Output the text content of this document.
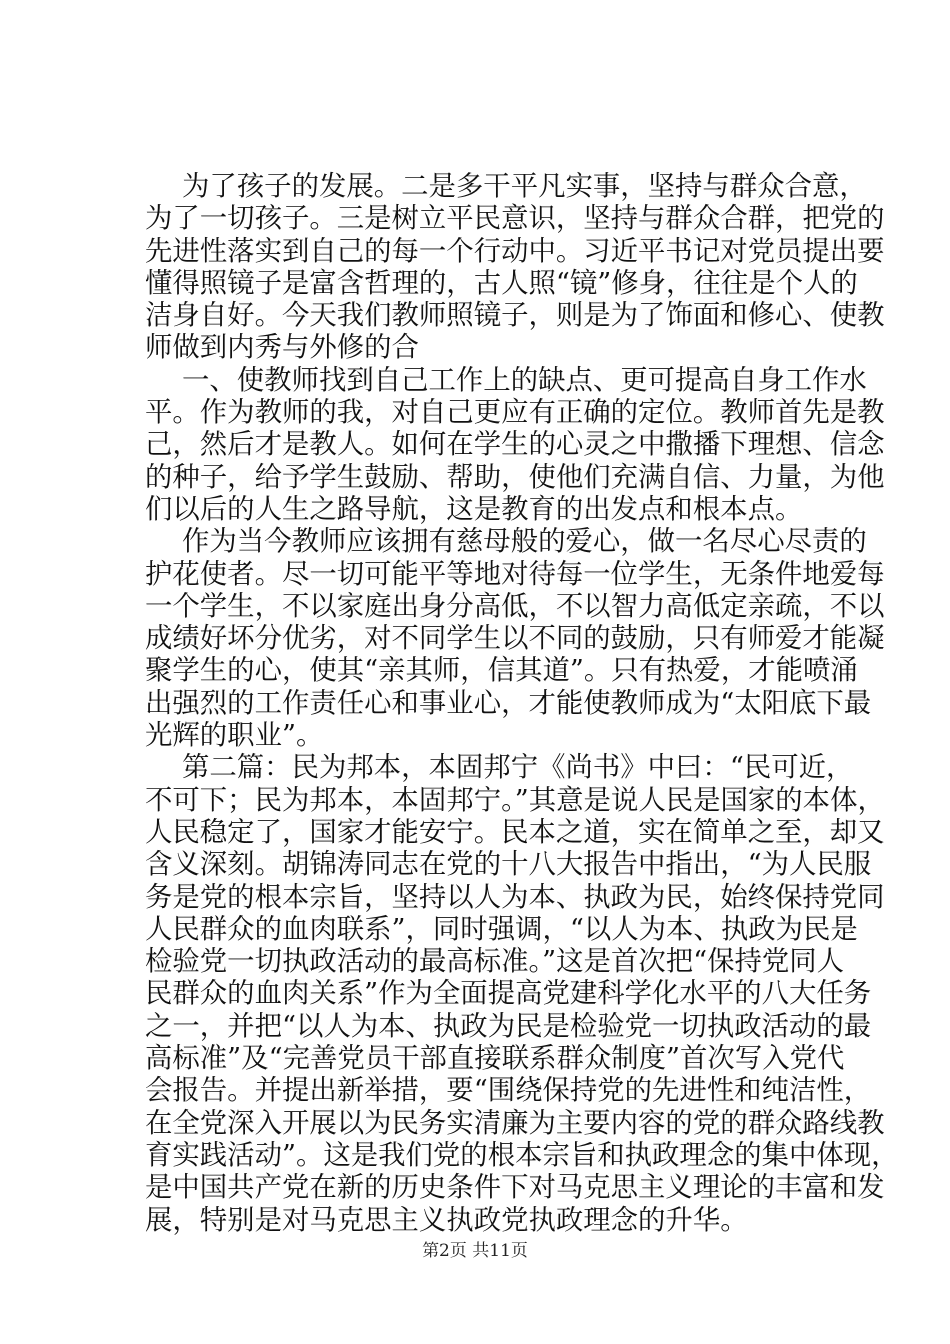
为了孩子的发展。二是多干平凡实事，坚持与群众合意，
为了一切孩子。三是树立平民意识，坚持与群众合群，把党的
先进性落实到自己的每一个行动中。习近平书记对党员提出要
懂得照镜子是富含哲理的，古人照“镜”修身，往往是个人的
洁身自好。今天我们教师照镜子，则是为了饰面和修心、使教
师做到内秀与外修的合
一、使教师找到自己工作上的缺点、更可提高自身工作水
平。作为教师的我，对自己更应有正确的定位。教师首先是教
己，然后才是教人。如何在学生的心灵之中撒播下理想、信念
的种子，给予学生鼓励、帮助，使他们充满自信、力量，为他
们以后的人生之路导航，这是教育的出发点和根本点。
作为当今教师应该拥有慈母般的爱心，做一名尽心尽责的
护花使者。尽一切可能平等地对待每一位学生，无条件地爱每
一个学生，不以家庭出身分高低，不以智力高低定亲疏，不以
成绩好坏分优劣，对不同学生以不同的鼓励，只有师爱才能凝
聚学生的心，使其“亲其师，信其道”。只有热爱，才能喷涌
出强烈的工作责任心和事业心，才能使教师成为“太阳底下最
光辉的职业”。
第二篇：民为邦本，本固邦宁《尚书》中曰：“民可近，
不可下；民为邦本，本固邦宁。”其意是说人民是国家的本体，
人民稳定了，国家才能安宁。民本之道，实在简单之至，却又
含义深刻。胡锦涛同志在党的十八大报告中指出，“为人民服
务是党的根本宗旨，坚持以人为本、执政为民，始终保持党同
人民群众的血肉联系”，同时强调，“以人为本、执政为民是
检验党一切执政活动的最高标准。”这是首次把“保持党同人
民群众的血肉关系”作为全面提高党建科学化水平的八大任务
之一，并把“以人为本、执政为民是检验党一切执政活动的最
高标准”及“完善党员干部直接联系群众制度”首次写入党代
会报告。并提出新举措，要“围绕保持党的先进性和纯洁性，
在全党深入开展以为民务实清廉为主要内容的党的群众路线教
育实践活动”。这是我们党的根本宗旨和执政理念的集中体现，
是中国共产党在新的历史条件下对马克思主义理论的丰富和发
展，特别是对马克思主义执政党执政理念的升华。
第2页 共11页
